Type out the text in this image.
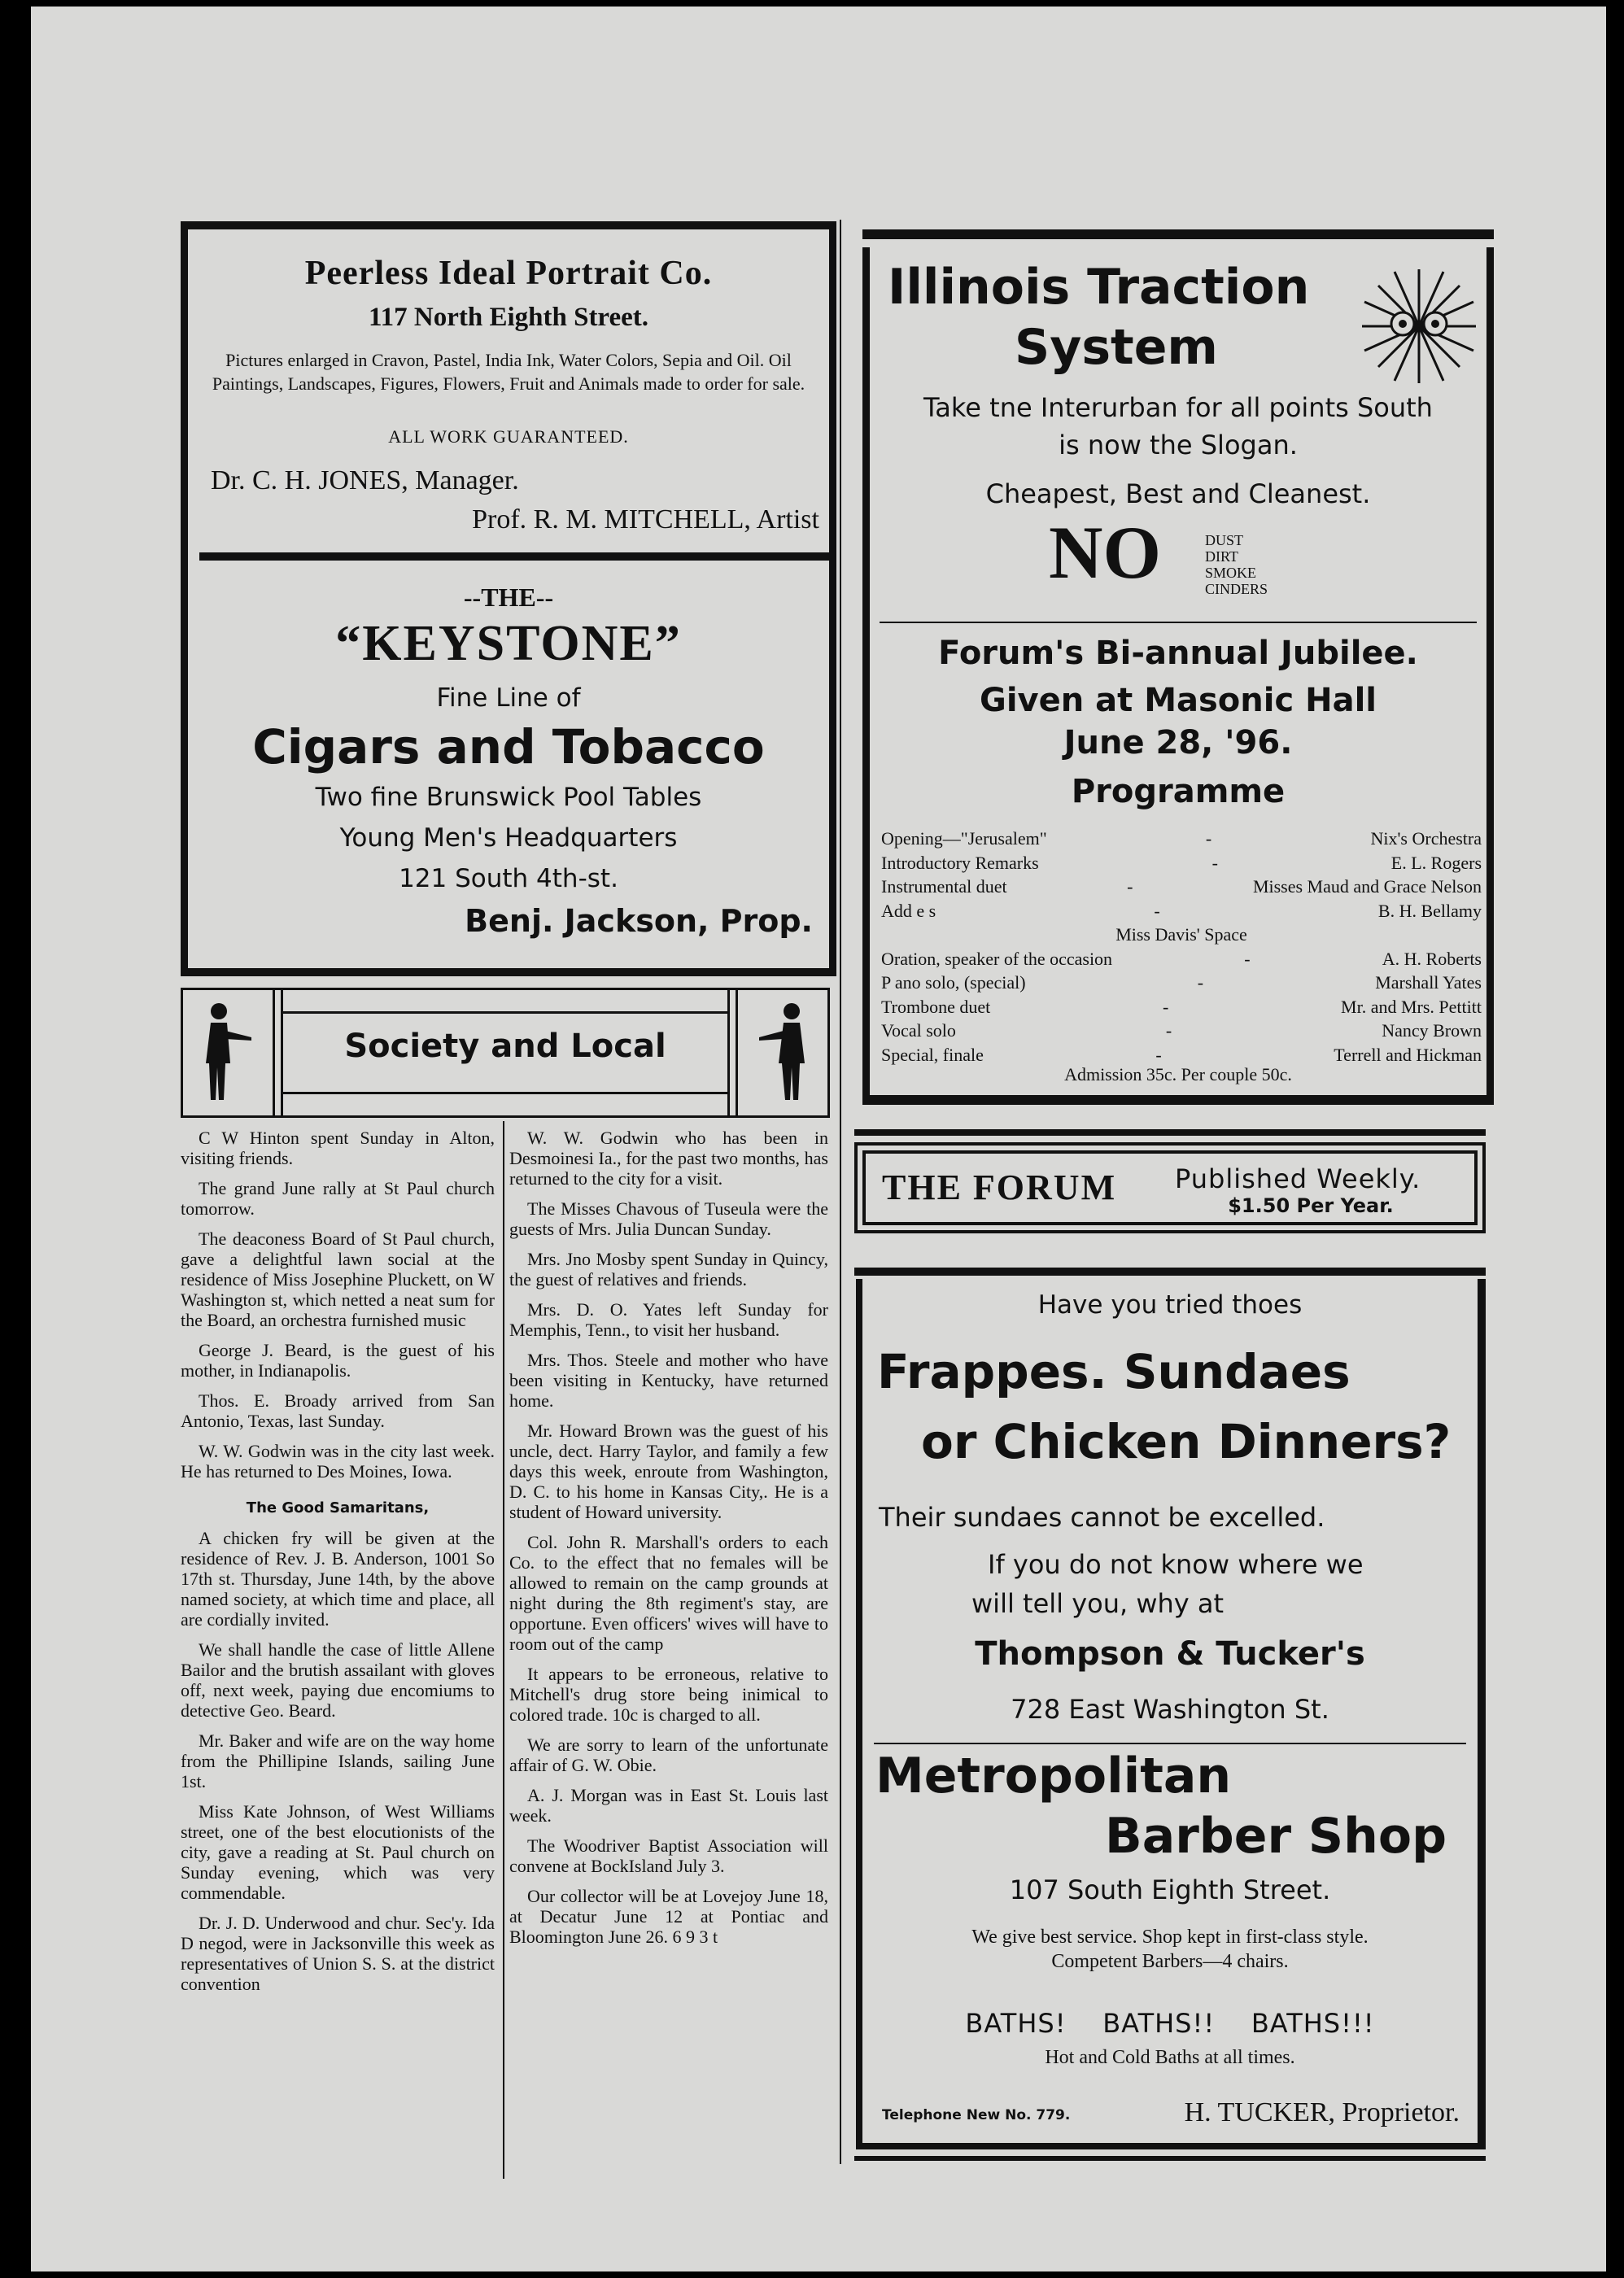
Peerless Ideal Portrait Co.
117 North Eighth Street.
Pictures enlarged in Cravon, Pastel, India Ink, Water Colors, Sepia and Oil. Oil Paintings, Landscapes, Figures, Flowers, Fruit and Animals made to order for sale.
ALL WORK GUARANTEED.
Dr. C. H. JONES, Manager.
Prof. R. M. MITCHELL, Artist
--THE--
“KEYSTONE”
Fine Line of
Cigars and Tobacco
Two fine Brunswick Pool Tables
Young Men's Headquarters
121 South 4th-st.
Benj. Jackson, Prop.
Society and Local

C W Hinton spent Sunday in Alton, visiting friends.

The grand June rally at St Paul church tomorrow.

The deaconess Board of St Paul church, gave a delightful lawn social at the residence of Miss Josephine Pluckett, on W Washington st, which netted a neat sum for the Board, an orchestra furnished music

George J. Beard, is the guest of his mother, in Indianapolis.

Thos. E. Broady arrived from San Antonio, Texas, last Sunday.

W. W. Godwin was in the city last week. He has returned to Des Moines, Iowa.

The Good Samaritans,

A chicken fry will be given at the residence of Rev. J. B. Anderson, 1001 So 17th st. Thursday, June 14th, by the above named society, at which time and place, all are cordially invited.

We shall handle the case of little Allene Bailor and the brutish assailant with gloves off, next week, paying due encomiums to detective Geo. Beard.

Mr. Baker and wife are on the way home from the Phillipine Islands, sailing June 1st.

Miss Kate Johnson, of West Williams street, one of the best elocutionists of the city, gave a reading at St. Paul church on Sunday evening, which was very commendable.

Dr. J. D. Underwood and chur. Sec'y. Ida D negod, were in Jacksonville this week as representatives of Union S. S. at the district convention

W. W. Godwin who has been in Desmoinesi Ia., for the past two months, has returned to the city for a visit.

The Misses Chavous of Tuseula were the guests of Mrs. Julia Duncan Sunday.

Mrs. Jno Mosby spent Sunday in Quincy, the guest of relatives and friends.

Mrs. D. O. Yates left Sunday for Memphis, Tenn., to visit her husband.

Mrs. Thos. Steele and mother who have been visiting in Kentucky, have returned home.

Mr. Howard Brown was the guest of his uncle, dect. Harry Taylor, and family a few days this week, enroute from Washington, D. C. to his home in Kansas City,. He is a student of Howard university.

Col. John R. Marshall's orders to each Co. to the effect that no females will be allowed to remain on the camp grounds at night during the 8th regiment's stay, are opportune. Even officers' wives will have to room out of the camp

It appears to be erroneous, relative to Mitchell's drug store being inimical to colored trade. 10c is charged to all.

We are sorry to learn of the unfortunate affair of G. W. Obie.

A. J. Morgan was in East St. Louis last week.

The Woodriver Baptist Association will convene at BockIsland July 3.

Our collector will be at Lovejoy June 18, at Decatur June 12 at Pontiac and Bloomington June 26. 6 9 3 t

Illinois Traction
System
Take tne Interurban for all points South
is now the Slogan.
Cheapest, Best and Cleanest.
NO	DUST
DIRT
SMOKE
CINDERS
Forum's Bi-annual Jubilee.
Given at Masonic Hall
June 28, '96.
Programme
Opening—"Jerusalem"	-	Nix's Orchestra
Introductory Remarks	-	E. L. Rogers
Instrumental duet	-	Misses Maud and Grace Nelson
Add e s	-	B. H. Bellamy
Miss Davis' Space
Oration, speaker of the occasion	-	A. H. Roberts
P ano solo, (special)	-	Marshall Yates
Trombone duet	-	Mr. and Mrs. Pettitt
Vocal solo	-	Nancy Brown
Special, finale	-	Terrell and Hickman
Admission 35c. Per couple 50c.
THE FORUM Published Weekly.
$1.50 Per Year.
Have you tried thoes
Frappes. Sundaes
or Chicken Dinners?
Their sundaes cannot be excelled.
If you do not know where we
will tell you, why at
Thompson & Tucker's
728 East Washington St.
Metropolitan
Barber Shop
107 South Eighth Street.
We give best service. Shop kept in first-class style.
Competent Barbers—4 chairs.
BATHS!    BATHS!!    BATHS!!!
Hot and Cold Baths at all times.
Telephone New No. 779.	H. TUCKER, Proprietor.
